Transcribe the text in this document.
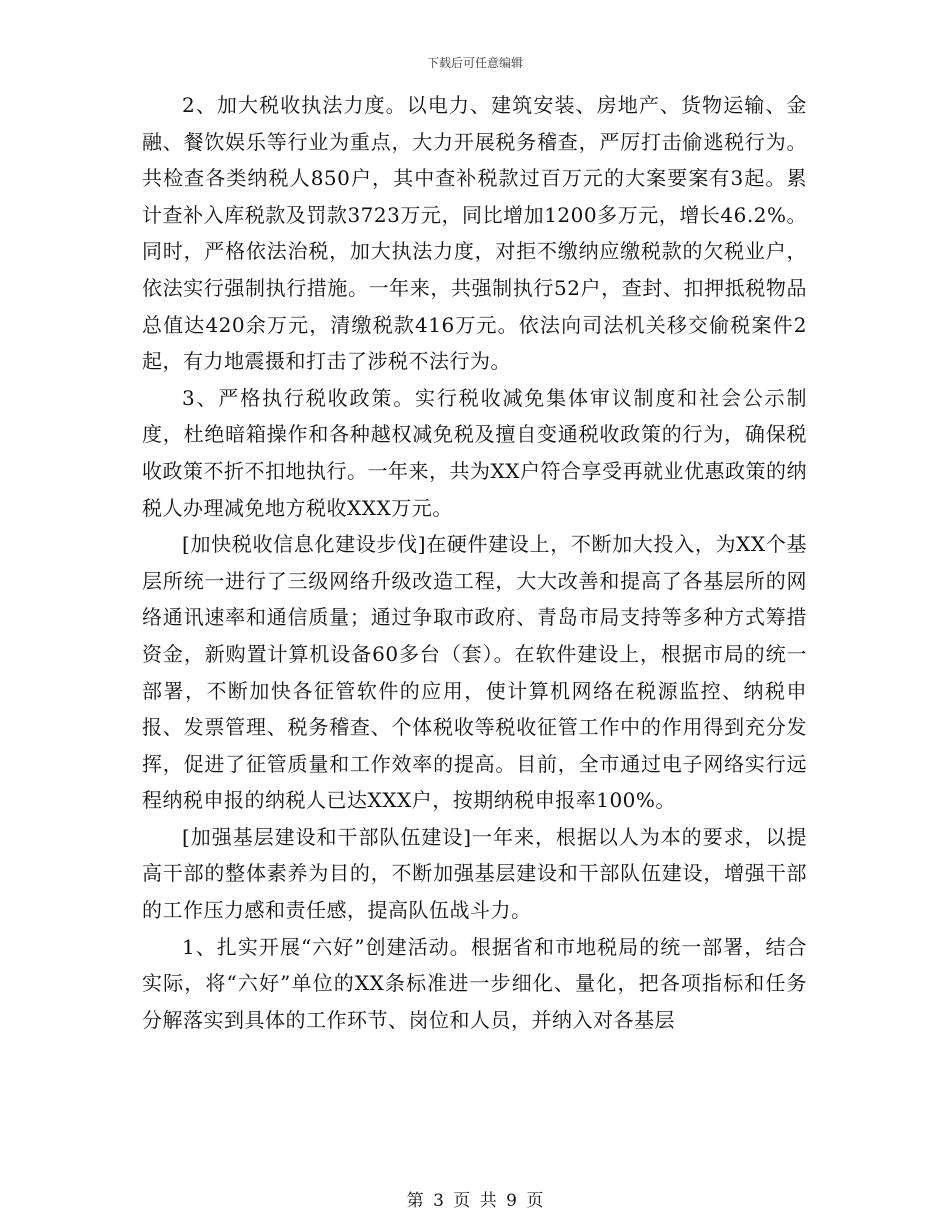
下载后可任意编辑

2、加大税收执法力度。以电力、建筑安装、房地产、货物运输、金融、餐饮娱乐等行业为重点，大力开展税务稽查，严厉打击偷逃税行为。共检查各类纳税人850户，其中查补税款过百万元的大案要案有3起。累计查补入库税款及罚款3723万元，同比增加1200多万元，增长46.2%。同时，严格依法治税，加大执法力度，对拒不缴纳应缴税款的欠税业户，依法实行强制执行措施。一年来，共强制执行52户，查封、扣押抵税物品总值达420余万元，清缴税款416万元。依法向司法机关移交偷税案件2起，有力地震摄和打击了涉税不法行为。

3、严格执行税收政策。实行税收减免集体审议制度和社会公示制度，杜绝暗箱操作和各种越权减免税及擅自变通税收政策的行为，确保税收政策不折不扣地执行。一年来，共为XX户符合享受再就业优惠政策的纳税人办理减免地方税收XXX万元。

[加快税收信息化建设步伐]在硬件建设上，不断加大投入，为XX个基层所统一进行了三级网络升级改造工程，大大改善和提高了各基层所的网络通讯速率和通信质量；通过争取市政府、青岛市局支持等多种方式筹措资金，新购置计算机设备60多台（套）。在软件建设上，根据市局的统一部署，不断加快各征管软件的应用，使计算机网络在税源监控、纳税申报、发票管理、税务稽查、个体税收等税收征管工作中的作用得到充分发挥，促进了征管质量和工作效率的提高。目前，全市通过电子网络实行远程纳税申报的纳税人已达XXX户，按期纳税申报率100%。

[加强基层建设和干部队伍建设]一年来，根据以人为本的要求，以提高干部的整体素养为目的，不断加强基层建设和干部队伍建设，增强干部的工作压力感和责任感，提高队伍战斗力。

1、扎实开展“六好”创建活动。根据省和市地税局的统一部署，结合实际，将“六好”单位的XX条标准进一步细化、量化，把各项指标和任务分解落实到具体的工作环节、岗位和人员，并纳入对各基层

第 3 页 共 9 页
